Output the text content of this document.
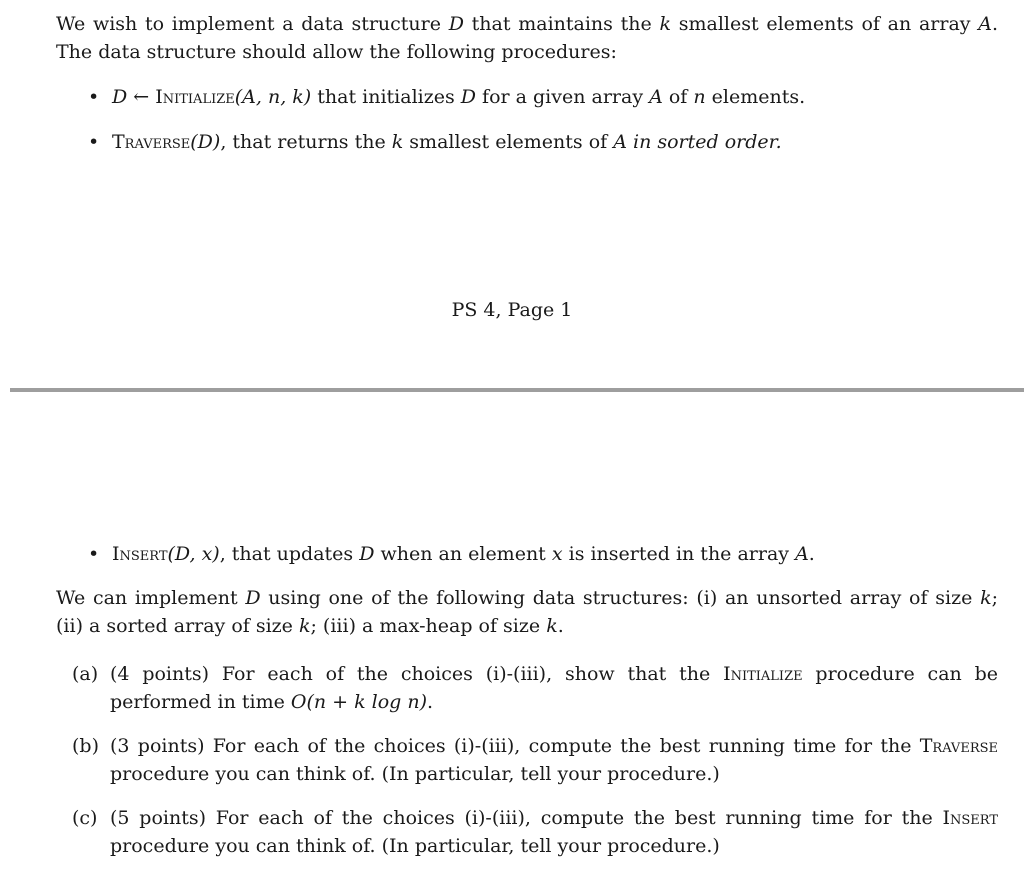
We wish to implement a data structure D that maintains the k smallest elements of an array A. The data structure should allow the following procedures:

• D ← Initialize(A, n, k) that initializes D for a given array A of n elements.

• Traverse(D), that returns the k smallest elements of A in sorted order.

PS 4, Page 1

• Insert(D, x), that updates D when an element x is inserted in the array A.

We can implement D using one of the following data structures: (i) an unsorted array of size k; (ii) a sorted array of size k; (iii) a max-heap of size k.

(a) (4 points) For each of the choices (i)-(iii), show that the Initialize procedure can be performed in time O(n + k log n).
(b) (3 points) For each of the choices (i)-(iii), compute the best running time for the Traverse procedure you can think of. (In particular, tell your procedure.)
(c) (5 points) For each of the choices (i)-(iii), compute the best running time for the Insert procedure you can think of. (In particular, tell your procedure.)
